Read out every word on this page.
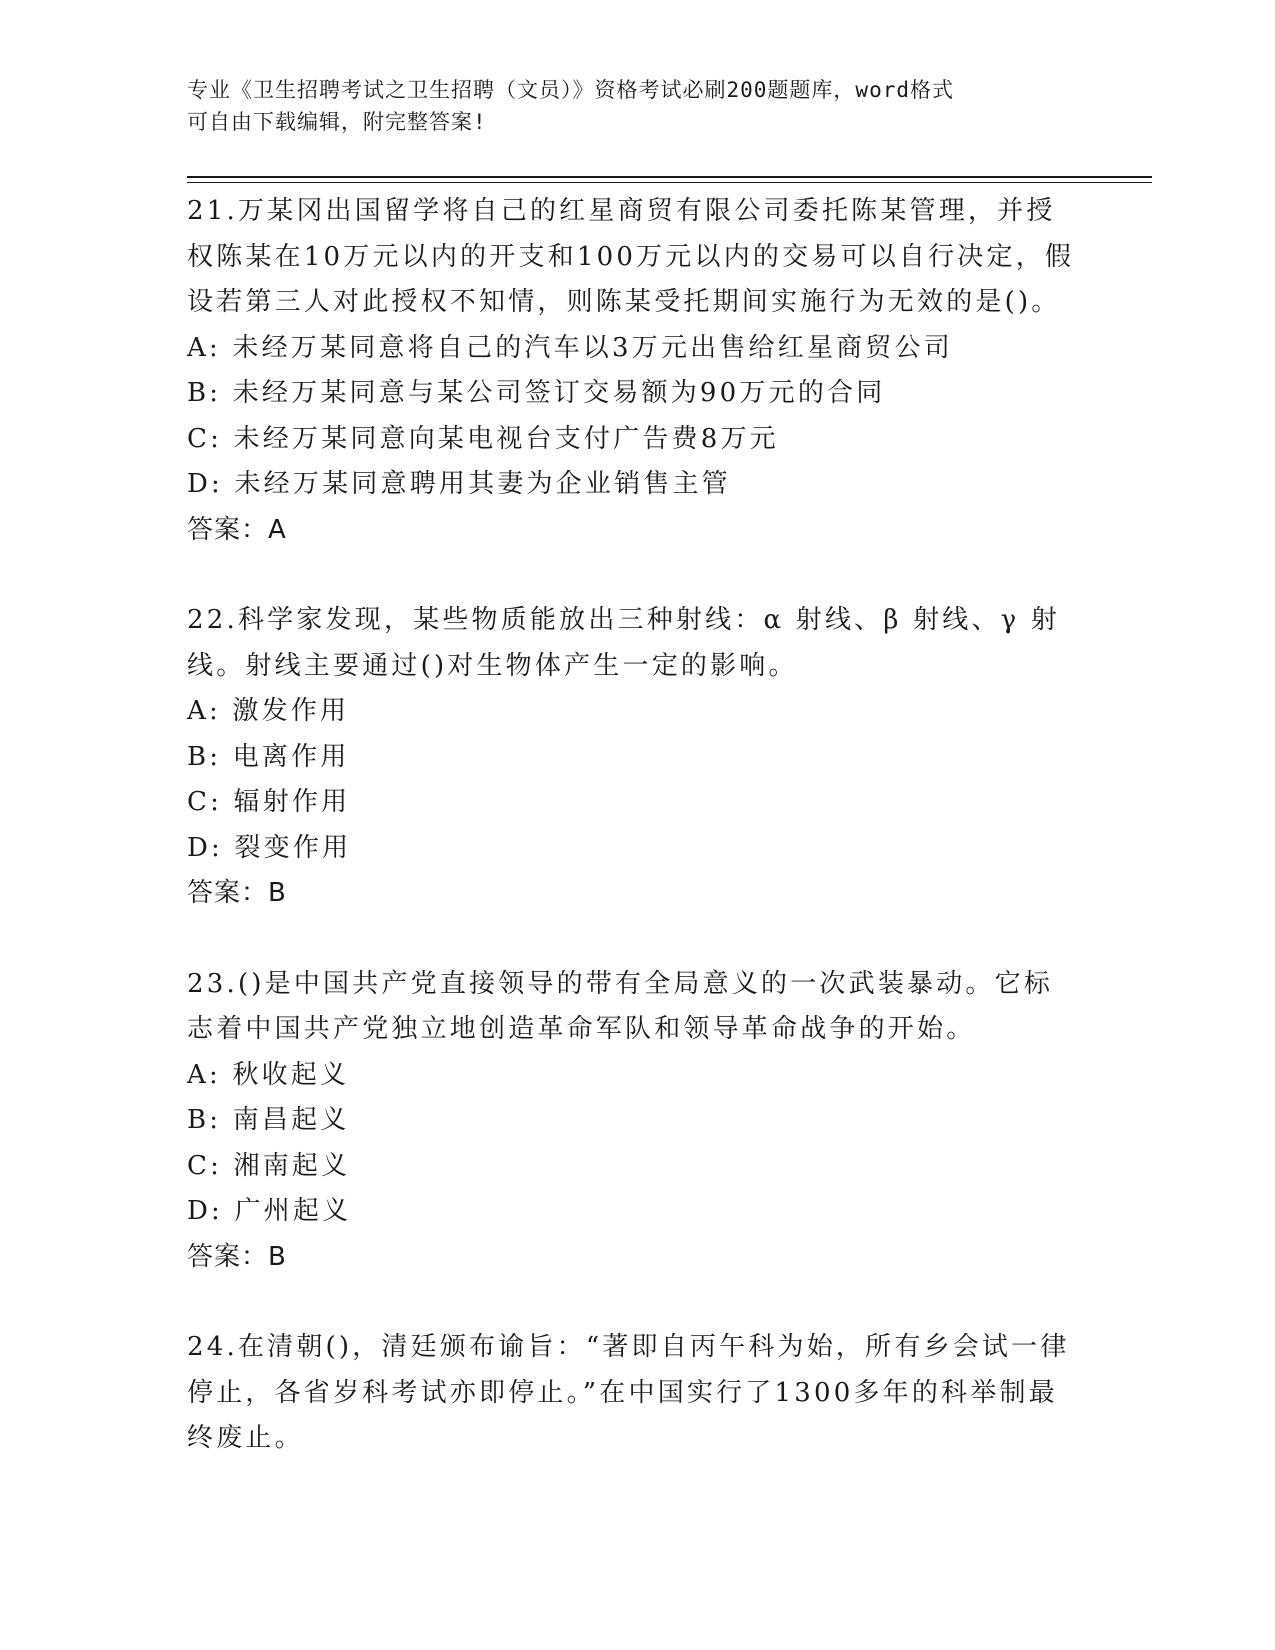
专业《卫生招聘考试之卫生招聘（文员）》资格考试必刷200题题库，word格式
可自由下载编辑，附完整答案!

21.万某冈出国留学将自己的红星商贸有限公司委托陈某管理，并授权陈某在10万元以内的开支和100万元以内的交易可以自行决定，假设若第三人对此授权不知情，则陈某受托期间实施行为无效的是()。

A: 未经万某同意将自己的汽车以3万元出售给红星商贸公司

B: 未经万某同意与某公司签订交易额为90万元的合同

C: 未经万某同意向某电视台支付广告费8万元

D: 未经万某同意聘用其妻为企业销售主管

答案：A

22.科学家发现，某些物质能放出三种射线：α 射线、β 射线、γ 射线。射线主要通过()对生物体产生一定的影响。

A: 激发作用

B: 电离作用

C: 辐射作用

D: 裂变作用

答案：B

23.()是中国共产党直接领导的带有全局意义的一次武装暴动。它标志着中国共产党独立地创造革命军队和领导革命战争的开始。

A: 秋收起义

B: 南昌起义

C: 湘南起义

D: 广州起义

答案：B

24.在清朝()，清廷颁布谕旨：“著即自丙午科为始，所有乡会试一律停止，各省岁科考试亦即停止。”在中国实行了1300多年的科举制最终废止。
